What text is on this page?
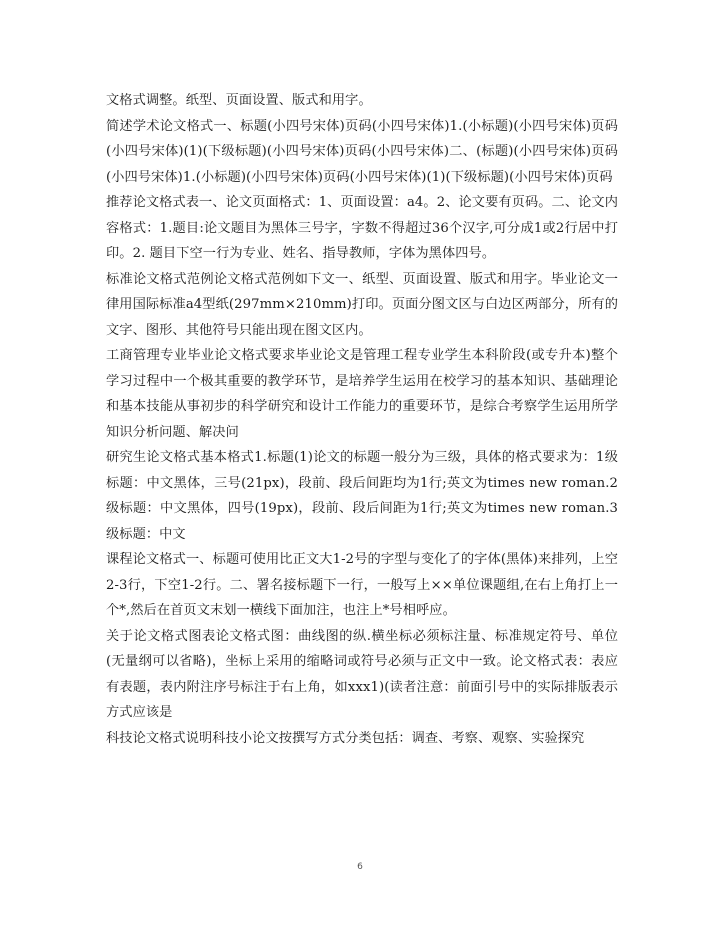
文格式调整。纸型、页面设置、版式和用字。

简述学术论文格式一、标题(小四号宋体)页码(小四号宋体)1.(小标题)(小四号宋体)页码(小四号宋体)(1)(下级标题)(小四号宋体)页码(小四号宋体)二、(标题)(小四号宋体)页码(小四号宋体)1.(小标题)(小四号宋体)页码(小四号宋体)(1)(下级标题)(小四号宋体)页码

推荐论文格式表一、论文页面格式：1、页面设置：a4。2、论文要有页码。二、论文内容格式：1.题目:论文题目为黑体三号字，字数不得超过36个汉字,可分成1或2行居中打印。2. 题目下空一行为专业、姓名、指导教师，字体为黑体四号。

标准论文格式范例论文格式范例如下文一、纸型、页面设置、版式和用字。毕业论文一律用国际标准a4型纸(297mm×210mm)打印。页面分图文区与白边区两部分，所有的文字、图形、其他符号只能出现在图文区内。

工商管理专业毕业论文格式要求毕业论文是管理工程专业学生本科阶段(或专升本)整个学习过程中一个极其重要的教学环节，是培养学生运用在校学习的基本知识、基础理论和基本技能从事初步的科学研究和设计工作能力的重要环节，是综合考察学生运用所学知识分析问题、解决问

研究生论文格式基本格式1.标题(1)论文的标题一般分为三级，具体的格式要求为：1级标题：中文黑体，三号(21px)，段前、段后间距均为1行;英文为times new roman.2级标题：中文黑体，四号(19px)，段前、段后间距为1行;英文为times new roman.3级标题：中文

课程论文格式一、标题可使用比正文大1-2号的字型与变化了的字体(黑体)来排列，上空2-3行，下空1-2行。二、署名接标题下一行，一般写上××单位课题组,在右上角打上一个*,然后在首页文末划一横线下面加注，也注上*号相呼应。

关于论文格式图表论文格式图：曲线图的纵.横坐标必须标注量、标准规定符号、单位(无量纲可以省略)，坐标上采用的缩略词或符号必须与正文中一致。论文格式表：表应有表题，表内附注序号标注于右上角，如xxx1)(读者注意：前面引号中的实际排版表示方式应该是

科技论文格式说明科技小论文按撰写方式分类包括：调查、考察、观察、实验探究

6
